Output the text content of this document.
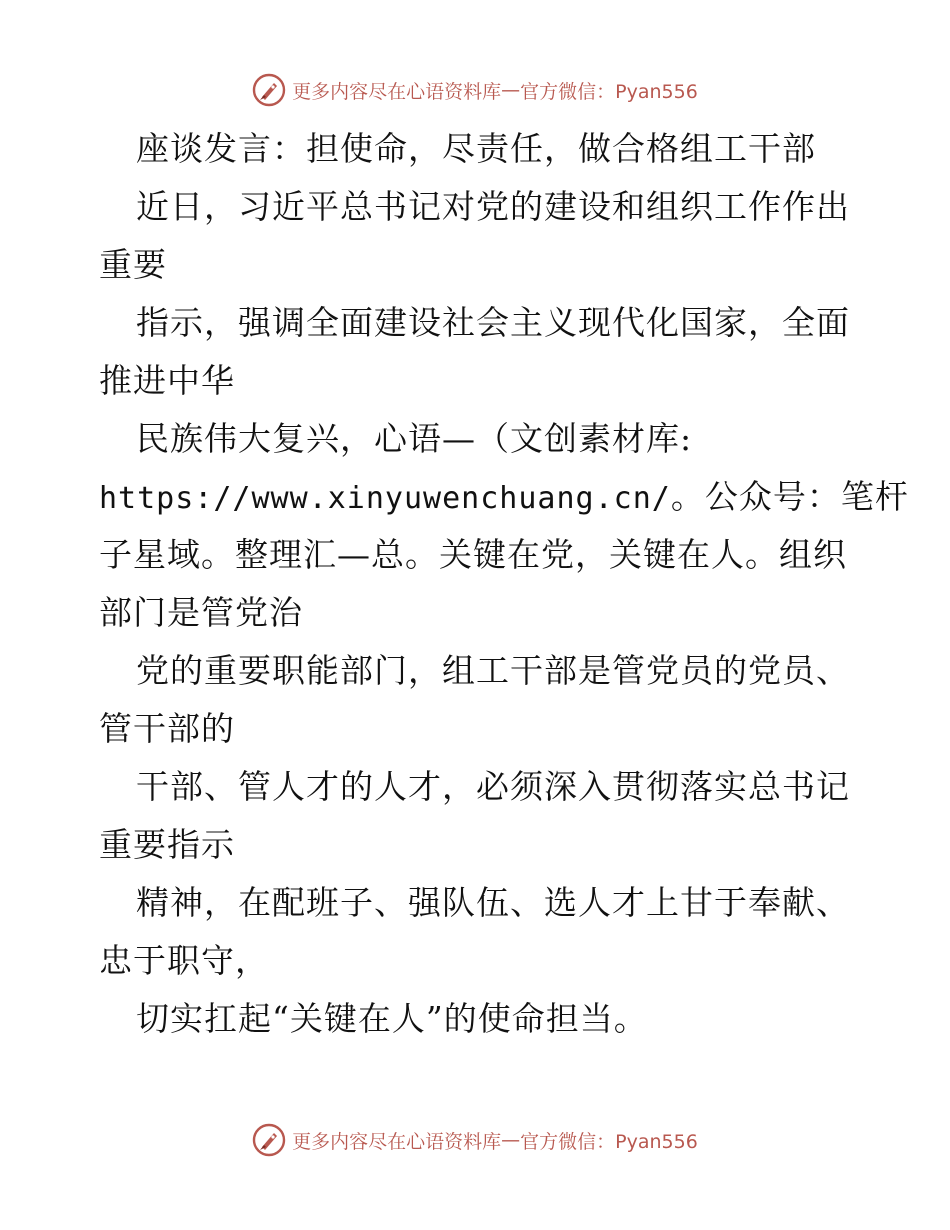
更多内容尽在心语资料库 — 官方微信：Pyan556
座谈发言：担使命，尽责任，做合格组工干部
近日，习近平总书记对党的建设和组织工作作出
重要
指示，强调全面建设社会主义现代化国家，全面
推进中华
民族伟大复兴，心语—（文创素材库:
https://www.xinyuwenchuang.cn/。公众号：笔杆
子星域。整理汇—总。关键在党，关键在人。组织
部门是管党治
党的重要职能部门，组工干部是管党员的党员、
管干部的
干部、管人才的人才，必须深入贯彻落实总书记
重要指示
精神，在配班子、强队伍、选人才上甘于奉献、
忠于职守，
切实扛起“关键在人”的使命担当。
更多内容尽在心语资料库 — 官方微信：Pyan556
